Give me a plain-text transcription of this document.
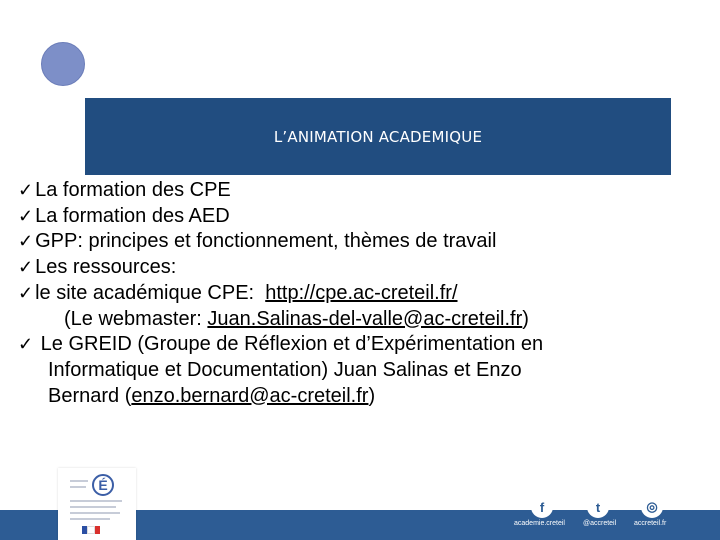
L’ANIMATION ACADEMIQUE
✓ La formation des CPE
✓ La formation des AED
✓ GPP: principes et fonctionnement, thèmes de travail
✓ Les ressources:
✓ le site académique CPE:  http://cpe.ac-creteil.fr/
(Le webmaster: Juan.Salinas-del-valle@ac-creteil.fr)
✓ Le GREID (Groupe de Réflexion et d’Expérimentation en
Informatique et Documentation) Juan Salinas et Enzo
Bernard (enzo.bernard@ac-creteil.fr)
É
f
academie.creteil
t
@accreteil
◎
accreteil.fr
